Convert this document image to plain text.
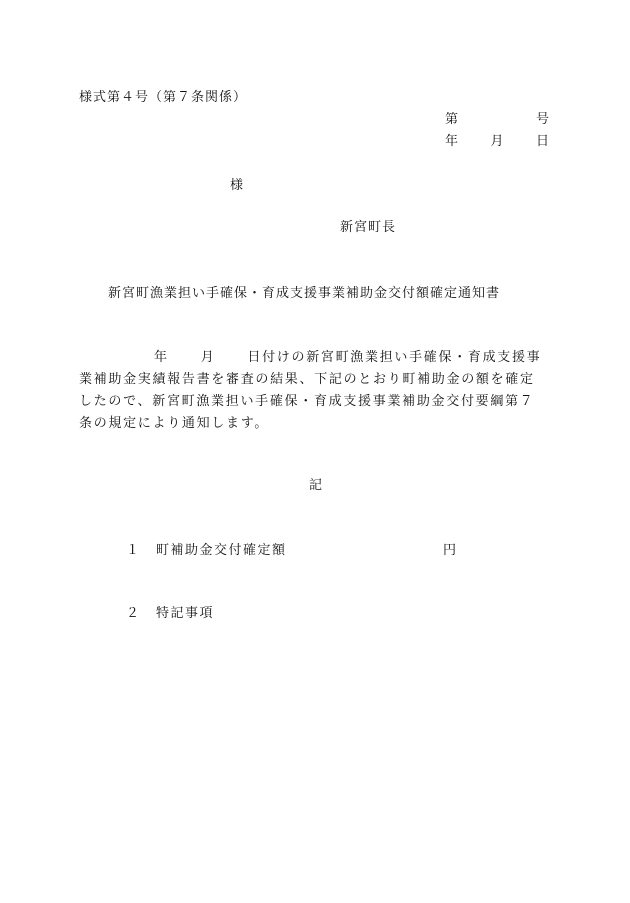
様式第４号（第７条関係）
第	号
年 月 日
様
新宮町長
新宮町漁業担い手確保・育成支援事業補助金交付額確定通知書
年 月 日付けの新宮町漁業担い手確保・育成支援事
業補助金実績報告書を審査の結果、下記のとおり町補助金の額を確定
したので、新宮町漁業担い手確保・育成支援事業補助金交付要綱第７
条の規定により通知します。
記
１	町補助金交付確定額	円
２	特記事項
